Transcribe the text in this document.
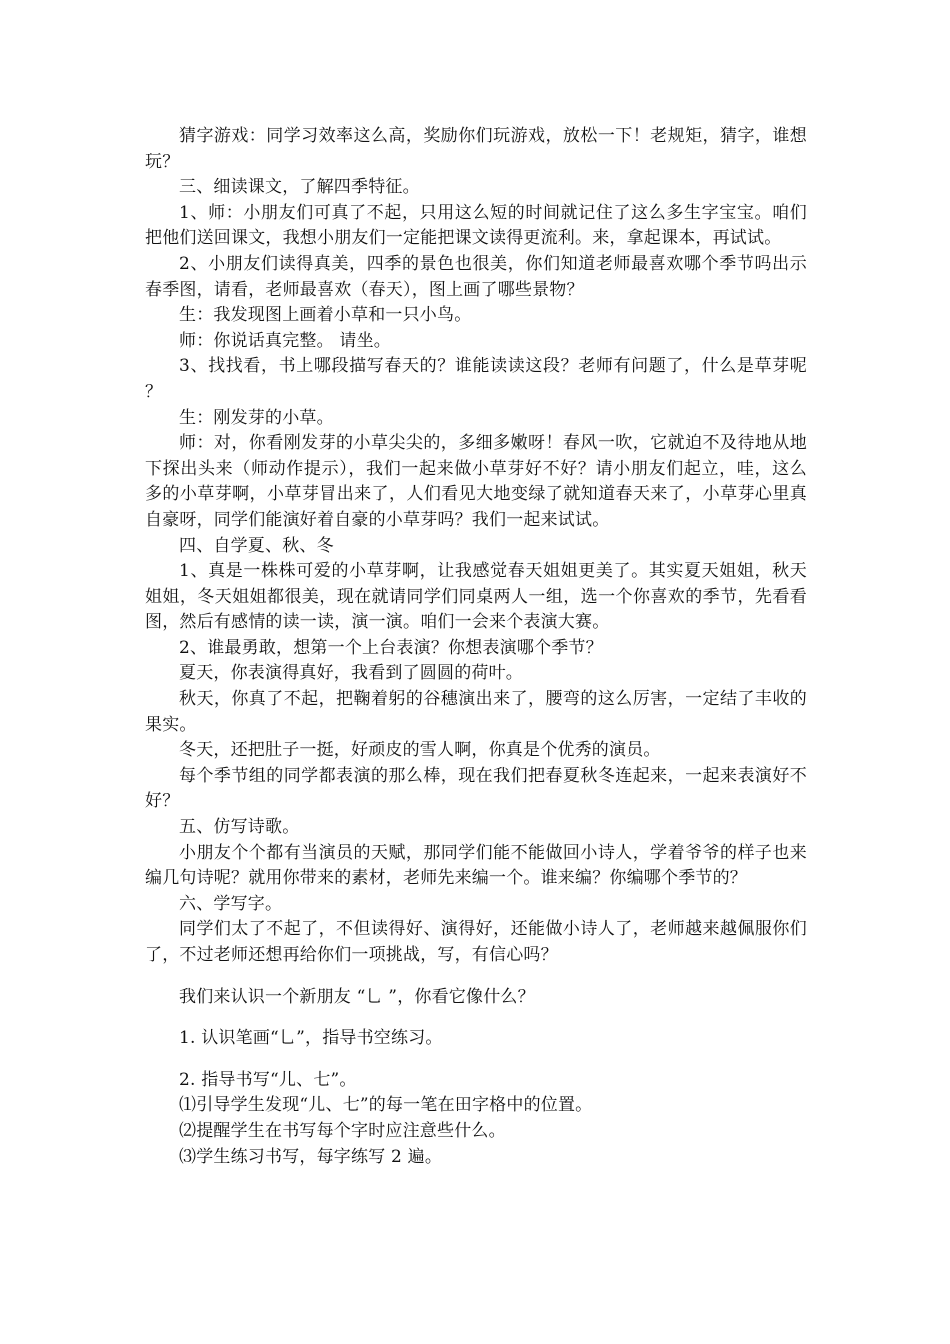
猜字游戏：同学习效率这么高，奖励你们玩游戏，放松一下！老规矩，猜字，谁想玩？

三、细读课文，了解四季特征。

1、师：小朋友们可真了不起，只用这么短的时间就记住了这么多生字宝宝。咱们把他们送回课文，我想小朋友们一定能把课文读得更流利。来，拿起课本，再试试。

2、小朋友们读得真美，四季的景色也很美，你们知道老师最喜欢哪个季节吗出示春季图，请看，老师最喜欢（春天），图上画了哪些景物？

生：我发现图上画着小草和一只小鸟。

师：你说话真完整。 请坐。

3、找找看，书上哪段描写春天的？谁能读读这段？老师有问题了，什么是草芽呢？

生：刚发芽的小草。

师：对，你看刚发芽的小草尖尖的，多细多嫩呀！春风一吹，它就迫不及待地从地下探出头来（师动作提示），我们一起来做小草芽好不好？请小朋友们起立，哇，这么多的小草芽啊，小草芽冒出来了，人们看见大地变绿了就知道春天来了，小草芽心里真自豪呀，同学们能演好着自豪的小草芽吗？我们一起来试试。

四、自学夏、秋、冬

1、真是一株株可爱的小草芽啊，让我感觉春天姐姐更美了。其实夏天姐姐，秋天姐姐，冬天姐姐都很美，现在就请同学们同桌两人一组，选一个你喜欢的季节，先看看图，然后有感情的读一读，演一演。咱们一会来个表演大赛。

2、谁最勇敢，想第一个上台表演？你想表演哪个季节？

夏天，你表演得真好，我看到了圆圆的荷叶。

秋天，你真了不起，把鞠着躬的谷穗演出来了，腰弯的这么厉害，一定结了丰收的果实。

冬天，还把肚子一挺，好顽皮的雪人啊，你真是个优秀的演员。

每个季节组的同学都表演的那么棒，现在我们把春夏秋冬连起来，一起来表演好不好？

五、仿写诗歌。

小朋友个个都有当演员的天赋，那同学们能不能做回小诗人，学着爷爷的样子也来编几句诗呢？就用你带来的素材，老师先来编一个。谁来编？你编哪个季节的？

六、学写字。

同学们太了不起了，不但读得好、演得好，还能做小诗人了，老师越来越佩服你们了，不过老师还想再给你们一项挑战，写，有信心吗？

我们来认识一个新朋友 “乚 ”，你看它像什么？

1. 认识笔画“乚”，指导书空练习。

2. 指导书写“儿、七”。

⑴引导学生发现“儿、七”的每一笔在田字格中的位置。

⑵提醒学生在书写每个字时应注意些什么。

⑶学生练习书写，每字练写 2 遍。
